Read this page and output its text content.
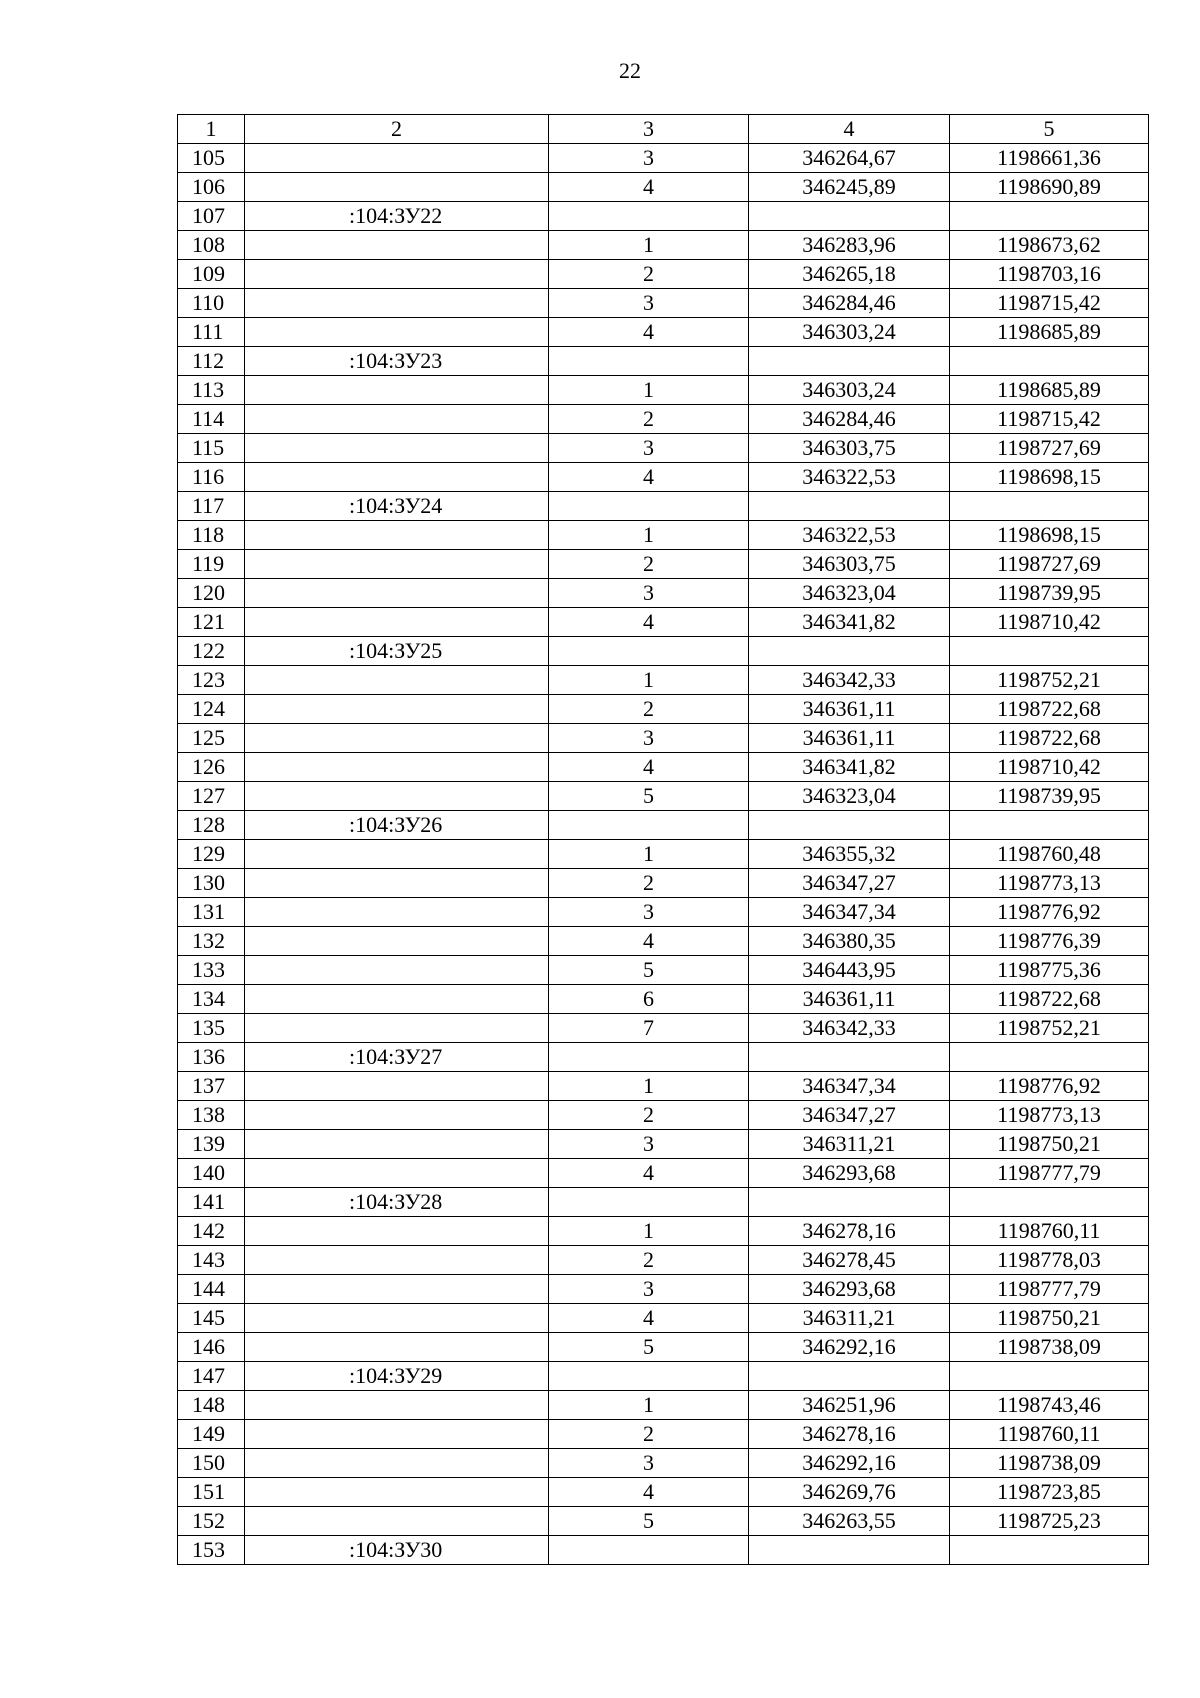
22
1	2	3	4	5
105		3	346264,67	1198661,36
106		4	346245,89	1198690,89
107	:104:ЗУ22			
108		1	346283,96	1198673,62
109		2	346265,18	1198703,16
110		3	346284,46	1198715,42
111		4	346303,24	1198685,89
112	:104:ЗУ23			
113		1	346303,24	1198685,89
114		2	346284,46	1198715,42
115		3	346303,75	1198727,69
116		4	346322,53	1198698,15
117	:104:ЗУ24			
118		1	346322,53	1198698,15
119		2	346303,75	1198727,69
120		3	346323,04	1198739,95
121		4	346341,82	1198710,42
122	:104:ЗУ25			
123		1	346342,33	1198752,21
124		2	346361,11	1198722,68
125		3	346361,11	1198722,68
126		4	346341,82	1198710,42
127		5	346323,04	1198739,95
128	:104:ЗУ26			
129		1	346355,32	1198760,48
130		2	346347,27	1198773,13
131		3	346347,34	1198776,92
132		4	346380,35	1198776,39
133		5	346443,95	1198775,36
134		6	346361,11	1198722,68
135		7	346342,33	1198752,21
136	:104:ЗУ27			
137		1	346347,34	1198776,92
138		2	346347,27	1198773,13
139		3	346311,21	1198750,21
140		4	346293,68	1198777,79
141	:104:ЗУ28			
142		1	346278,16	1198760,11
143		2	346278,45	1198778,03
144		3	346293,68	1198777,79
145		4	346311,21	1198750,21
146		5	346292,16	1198738,09
147	:104:ЗУ29			
148		1	346251,96	1198743,46
149		2	346278,16	1198760,11
150		3	346292,16	1198738,09
151		4	346269,76	1198723,85
152		5	346263,55	1198725,23
153	:104:ЗУ30			
